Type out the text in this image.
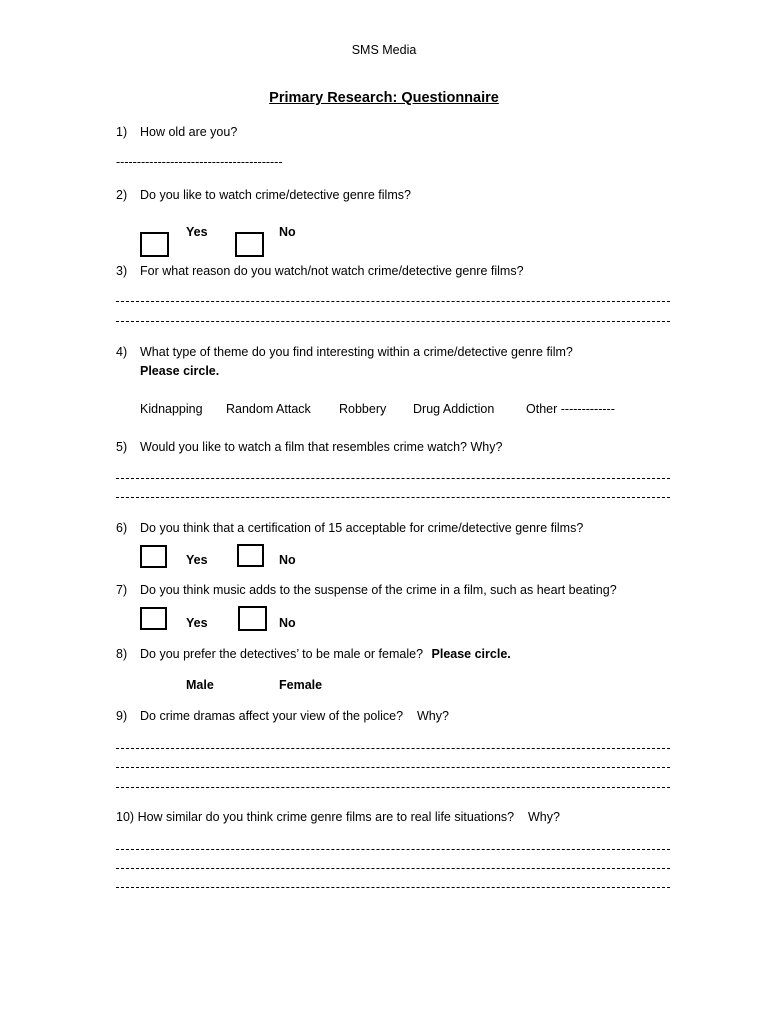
SMS Media
Primary Research: Questionnaire
1) How old are you?
----------------------------------------
2) Do you like to watch crime/detective genre films?
Yes	No
3) For what reason do you watch/not watch crime/detective genre films?
4) What type of theme do you find interesting within a crime/detective genre film?
Please circle.
Kidnapping Random Attack Robbery Drug Addiction	Other -------------
5) Would you like to watch a film that resembles crime watch? Why?
6) Do you think that a certification of 15 acceptable for crime/detective genre films?
Yes	No
7) Do you think music adds to the suspense of the crime in a film, such as heart beating?
Yes	No
8) Do you prefer the detectives’ to be male or female? Please circle.
Male	Female
9) Do crime dramas affect your view of the police?    Why?
10) How similar do you think crime genre films are to real life situations?    Why?
